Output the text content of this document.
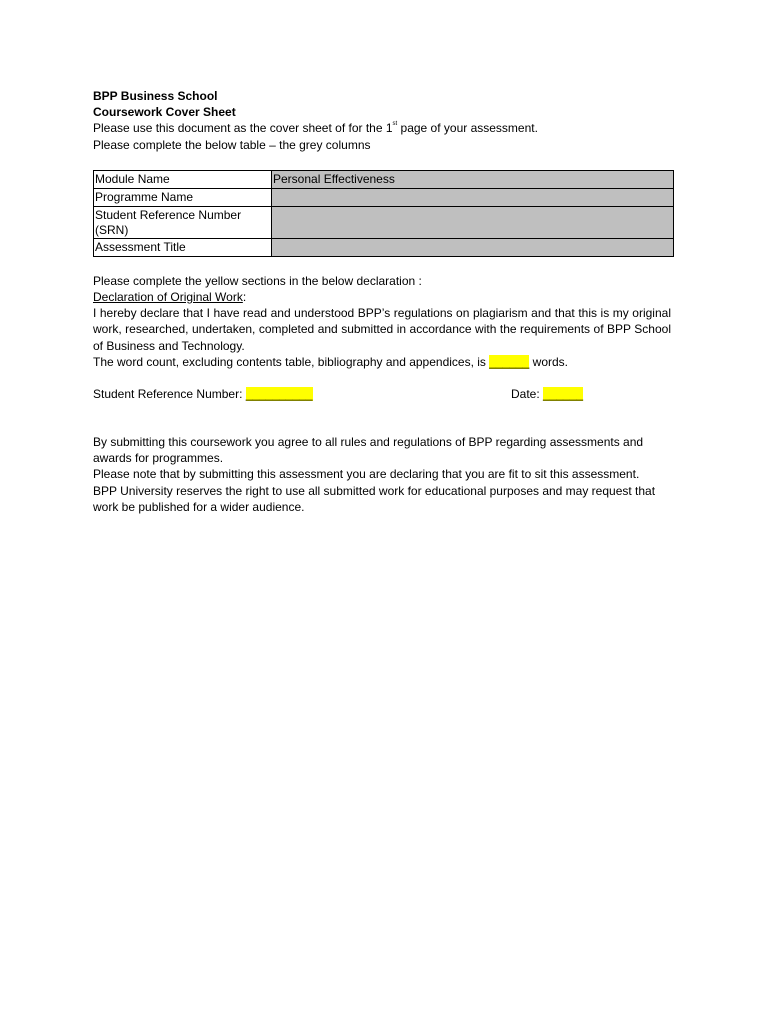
BPP Business School

Coursework Cover Sheet

Please use this document as the cover sheet of for the 1st page of your assessment.

Please complete the below table – the grey columns

Module Name	Personal Effectiveness
Programme Name	
Student Reference Number (SRN)	
Assessment Title	

Please complete the yellow sections in the below declaration :

Declaration of Original Work:

I hereby declare that I have read and understood BPP’s regulations on plagiarism and that this is my original work, researched, undertaken, completed and submitted in accordance with the requirements of BPP School of Business and Technology.

The word count, excluding contents table, bibliography and appendices, is ______ words.

Student Reference Number: __________	Date: ______

By submitting this coursework you agree to all rules and regulations of BPP regarding assessments and awards for programmes.

Please note that by submitting this assessment you are declaring that you are fit to sit this assessment.

BPP University reserves the right to use all submitted work for educational purposes and may request that work be published for a wider audience.
